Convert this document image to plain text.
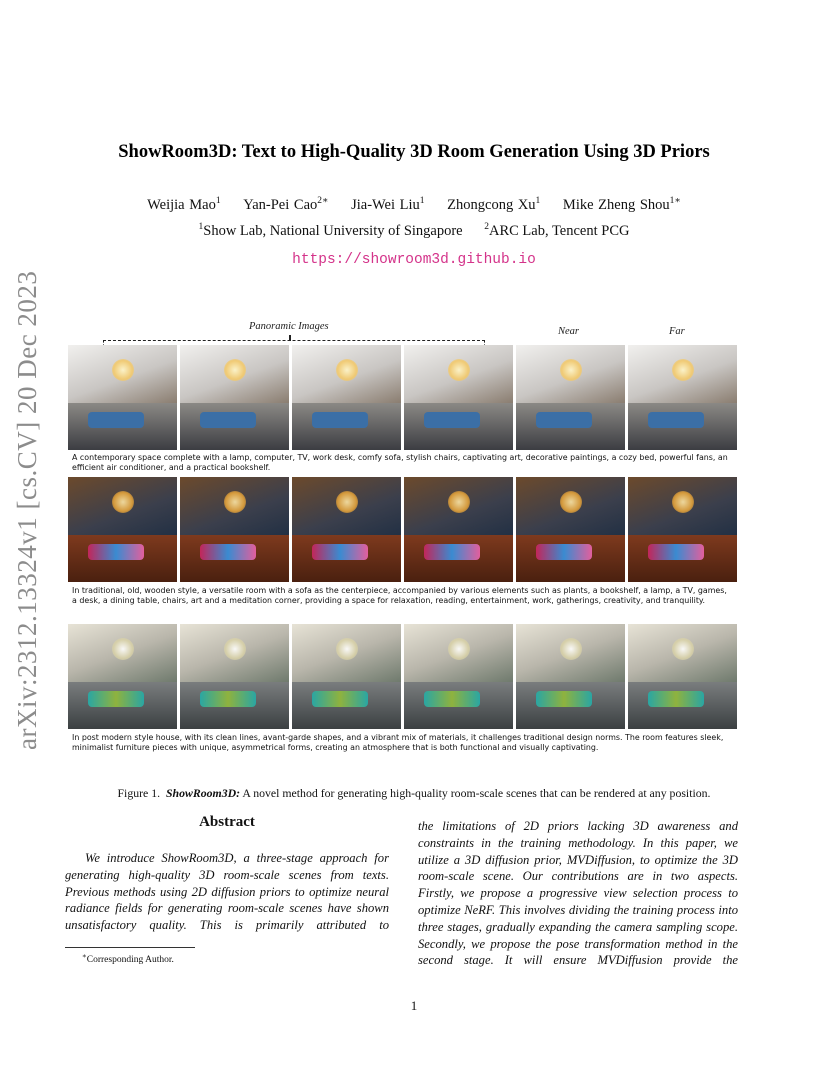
arXiv:2312.13324v1 [cs.CV] 20 Dec 2023
ShowRoom3D: Text to High-Quality 3D Room Generation Using 3D Priors
Weijia Mao$^1$ Yan-Pei Cao$^{2∗}$ Jia-Wei Liu$^1$ Zhongcong Xu$^1$ Mike Zheng Shou$^{1∗}$
$^1$Show Lab, National University of Singapore $^2$ARC Lab, Tencent PCG
https://showroom3d.github.io
Panoramic Images	Near	Far
A contemporary space complete with a lamp, computer, TV, work desk, comfy sofa, stylish chairs, captivating art, decorative paintings, a cozy bed, powerful fans, an efficient air conditioner, and a practical bookshelf.
In traditional, old, wooden style, a versatile room with a sofa as the centerpiece, accompanied by various elements such as plants, a bookshelf, a lamp, a TV, games, a desk, a dining table, chairs, art and a meditation corner, providing a space for relaxation, reading, entertainment, work, gatherings, creativity, and tranquility.
In post modern style house, with its clean lines, avant-garde shapes, and a vibrant mix of materials, it challenges traditional design norms. The room features sleek, minimalist furniture pieces with unique, asymmetrical forms, creating an atmosphere that is both functional and visually captivating.
Figure 1. ShowRoom3D: A novel method for generating high-quality room-scale scenes that can be rendered at any position.
Abstract
We introduce ShowRoom3D, a three-stage approach for generating high-quality 3D room-scale scenes from texts. Previous methods using 2D diffusion priors to optimize neural radiance fields for generating room-scale scenes have shown unsatisfactory quality. This is primarily attributed to
the limitations of 2D priors lacking 3D awareness and constraints in the training methodology. In this paper, we utilize a 3D diffusion prior, MVDiffusion, to optimize the 3D room-scale scene. Our contributions are in two aspects. Firstly, we propose a progressive view selection process to optimize NeRF. This involves dividing the training process into three stages, gradually expanding the camera sampling scope. Secondly, we propose the pose transformation method in the second stage. It will ensure MVDiffusion provide the
∗Corresponding Author.
1
